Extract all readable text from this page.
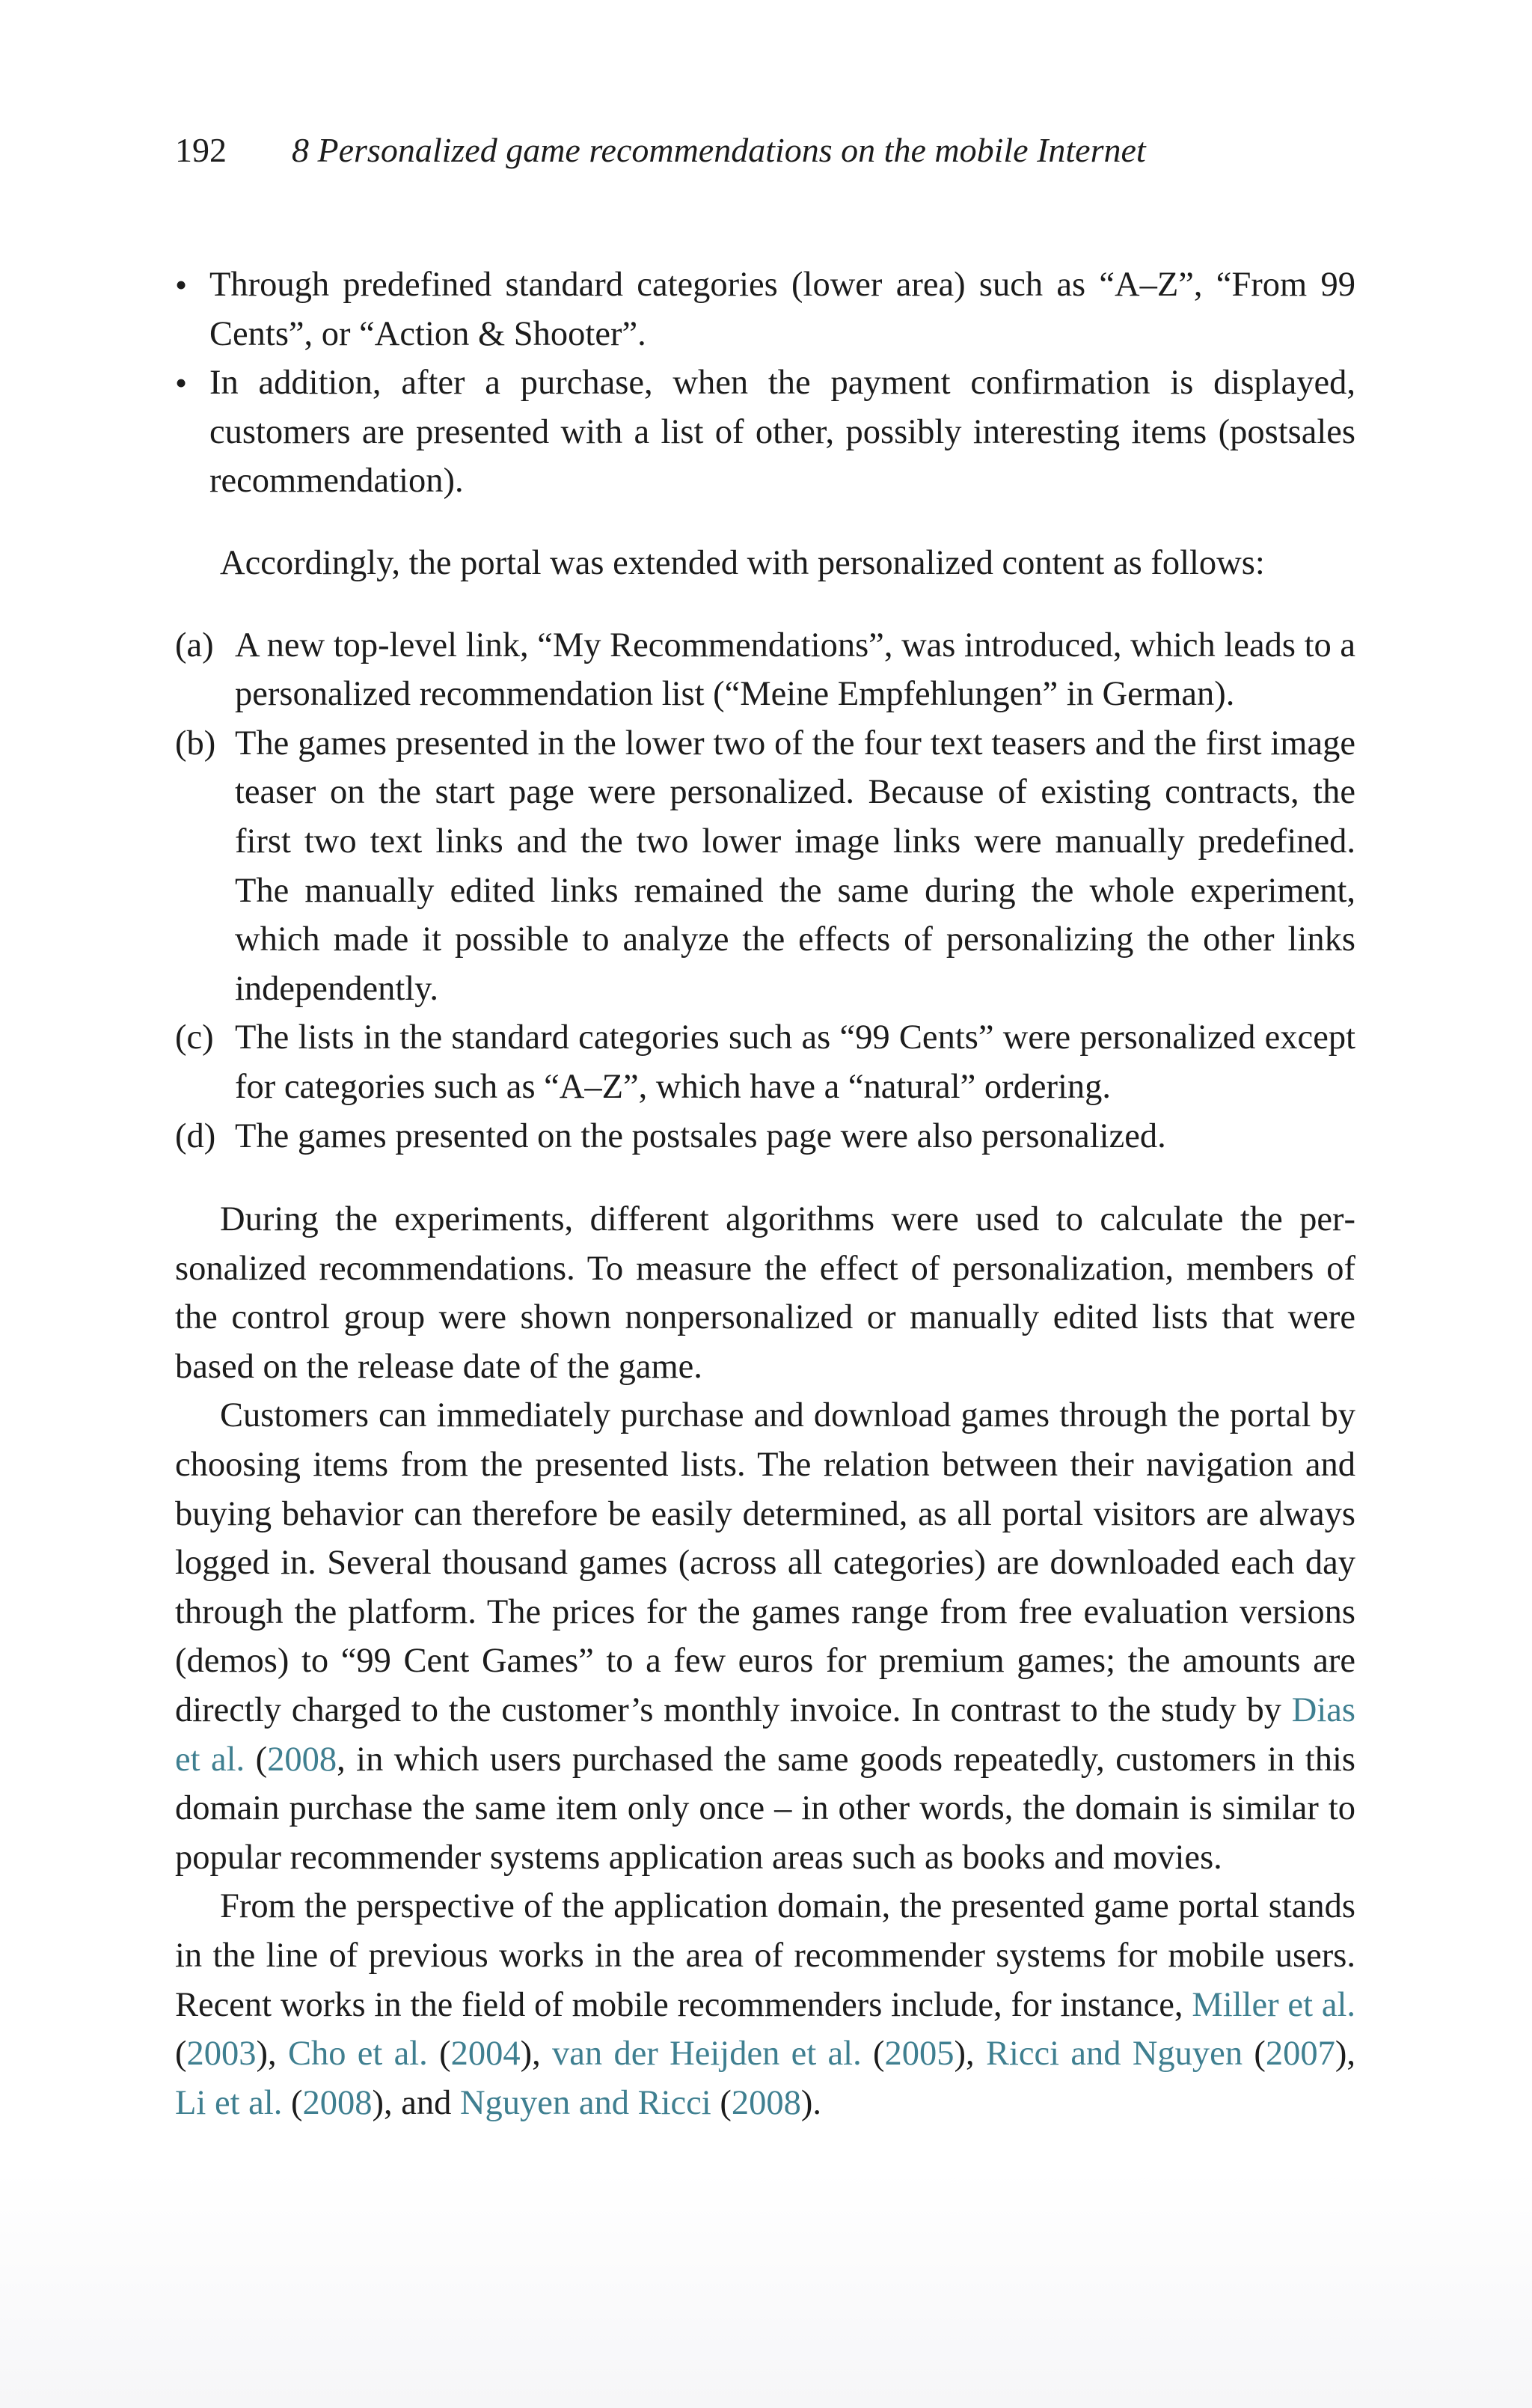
192 8 Personalized game recommendations on the mobile Internet
• Through predefined standard categories (lower area) such as “A–Z”, “From 99 Cents”, or “Action & Shooter”.
• In addition, after a purchase, when the payment confirmation is displayed, customers are presented with a list of other, possibly interesting items (postsales recommendation).

Accordingly, the portal was extended with personalized content as follows:

(a) A new top-level link, “My Recommendations”, was introduced, which leads to a personalized recommendation list (“Meine Empfehlungen” in German).
(b) The games presented in the lower two of the four text teasers and the first image teaser on the start page were personalized. Because of existing contracts, the first two text links and the two lower image links were manually predefined. The manually edited links remained the same during the whole experiment, which made it possible to analyze the effects of personalizing the other links independently.
(c) The lists in the standard categories such as “99 Cents” were personalized except for categories such as “A–Z”, which have a “natural” ordering.
(d) The games presented on the postsales page were also personalized.

During the experiments, different algorithms were used to calculate the personalized recommendations. To measure the effect of personalization, members of the control group were shown nonpersonalized or manually edited lists that were based on the release date of the game.

Customers can immediately purchase and download games through the portal by choosing items from the presented lists. The relation between their navigation and buying behavior can therefore be easily determined, as all portal visitors are always logged in. Several thousand games (across all categories) are downloaded each day through the platform. The prices for the games range from free evaluation versions (demos) to “99 Cent Games” to a few euros for premium games; the amounts are directly charged to the customer’s monthly invoice. In contrast to the study by Dias et al. (2008, in which users purchased the same goods repeatedly, customers in this domain purchase the same item only once – in other words, the domain is similar to popular recommender systems application areas such as books and movies.

From the perspective of the application domain, the presented game portal stands in the line of previous works in the area of recommender systems for mobile users. Recent works in the field of mobile recommenders include, for instance, Miller et al. (2003), Cho et al. (2004), van der Heijden et al. (2005), Ricci and Nguyen (2007), Li et al. (2008), and Nguyen and Ricci (2008).
